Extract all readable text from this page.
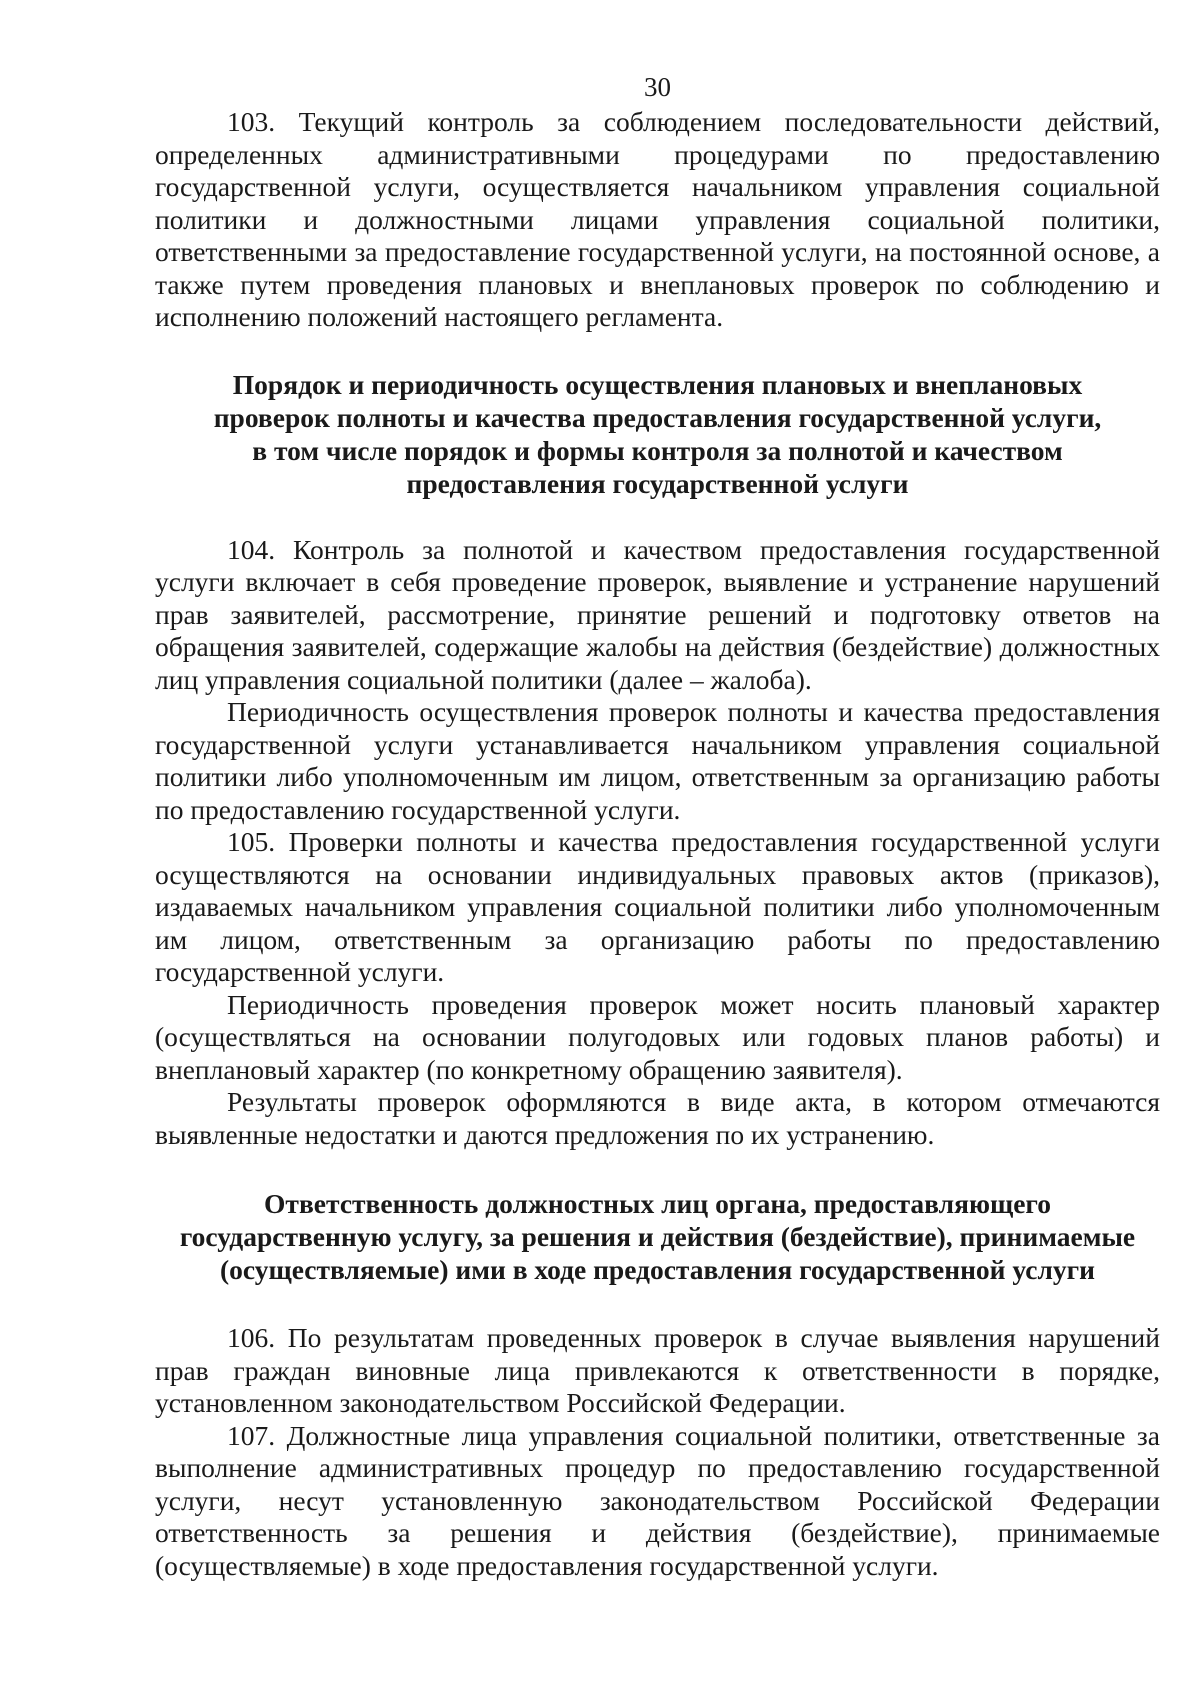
30

103. Текущий контроль за соблюдением последовательности действий, определенных административными процедурами по предоставлению государственной услуги, осуществляется начальником управления социальной политики и должностными лицами управления социальной политики, ответственными за предоставление государственной услуги, на постоянной основе, а также путем проведения плановых и внеплановых проверок по соблюдению и исполнению положений настоящего регламента.

Порядок и периодичность осуществления плановых и внеплановых

проверок полноты и качества предоставления государственной услуги,

в том числе порядок и формы контроля за полнотой и качеством

предоставления государственной услуги

104. Контроль за полнотой и качеством предоставления государственной услуги включает в себя проведение проверок, выявление и устранение нарушений прав заявителей, рассмотрение, принятие решений и подготовку ответов на обращения заявителей, содержащие жалобы на действия (бездействие) должностных лиц управления социальной политики (далее – жалоба).

Периодичность осуществления проверок полноты и качества предоставления государственной услуги устанавливается начальником управления социальной политики либо уполномоченным им лицом, ответственным за организацию работы по предоставлению государственной услуги.

105. Проверки полноты и качества предоставления государственной услуги осуществляются на основании индивидуальных правовых актов (приказов), издаваемых начальником управления социальной политики либо уполномоченным им лицом, ответственным за организацию работы по предоставлению государственной услуги.

Периодичность проведения проверок может носить плановый характер (осуществляться на основании полугодовых или годовых планов работы) и внеплановый характер (по конкретному обращению заявителя).

Результаты проверок оформляются в виде акта, в котором отмечаются выявленные недостатки и даются предложения по их устранению.

Ответственность должностных лиц органа, предоставляющего

государственную услугу, за решения и действия (бездействие), принимаемые

(осуществляемые) ими в ходе предоставления государственной услуги

106. По результатам проведенных проверок в случае выявления нарушений прав граждан виновные лица привлекаются к ответственности в порядке, установленном законодательством Российской Федерации.

107. Должностные лица управления социальной политики, ответственные за выполнение административных процедур по предоставлению государственной услуги, несут установленную законодательством Российской Федерации ответственность за решения и действия (бездействие), принимаемые (осуществляемые) в ходе предоставления государственной услуги.
